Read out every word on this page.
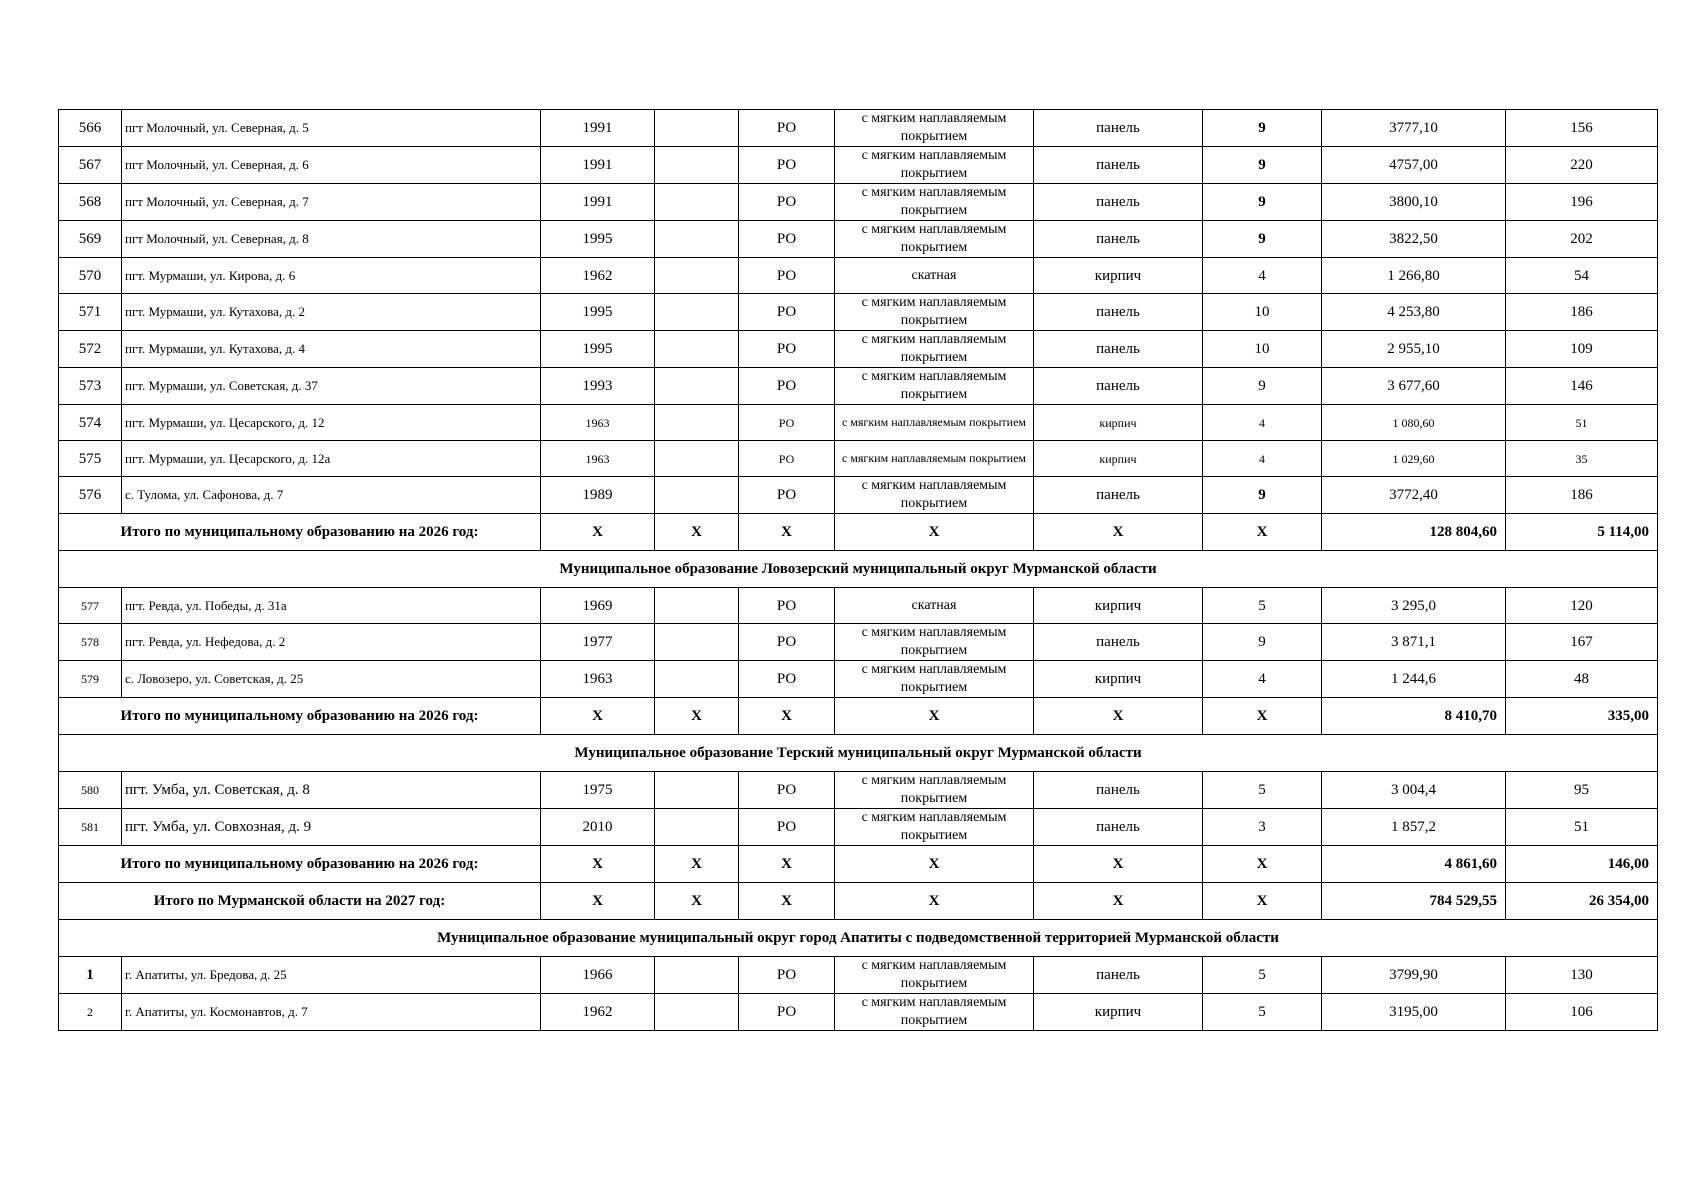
566	пгт Молочный, ул. Северная, д. 5	1991		РО	с мягким наплавляемым покрытием	панель	9	3777,10	156
567	пгт Молочный, ул. Северная, д. 6	1991		РО	с мягким наплавляемым покрытием	панель	9	4757,00	220
568	пгт Молочный, ул. Северная, д. 7	1991		РО	с мягким наплавляемым покрытием	панель	9	3800,10	196
569	пгт Молочный, ул. Северная, д. 8	1995		РО	с мягким наплавляемым покрытием	панель	9	3822,50	202
570	пгт. Мурмаши, ул. Кирова, д. 6	1962		РО	скатная	кирпич	4	1 266,80	54
571	пгт. Мурмаши, ул. Кутахова, д. 2	1995		РО	с мягким наплавляемым покрытием	панель	10	4 253,80	186
572	пгт. Мурмаши, ул. Кутахова, д. 4	1995		РО	с мягким наплавляемым покрытием	панель	10	2 955,10	109
573	пгт. Мурмаши, ул. Советская, д. 37	1993		РО	с мягким наплавляемым покрытием	панель	9	3 677,60	146
574	пгт. Мурмаши, ул. Цесарского, д. 12	1963		РО	с мягким наплавляемым покрытием	кирпич	4	1 080,60	51
575	пгт. Мурмаши, ул. Цесарского, д. 12а	1963		РО	с мягким наплавляемым покрытием	кирпич	4	1 029,60	35
576	с. Тулома, ул. Сафонова, д. 7	1989		РО	с мягким наплавляемым покрытием	панель	9	3772,40	186
Итого по муниципальному образованию на 2026 год:		X	X	X	X	X	X	128 804,60	5 114,00
Муниципальное образование Ловозерский муниципальный округ Мурманской области									
577	пгт. Ревда, ул. Победы, д. 31а	1969		РО	скатная	кирпич	5	3 295,0	120
578	пгт. Ревда, ул. Нефедова, д. 2	1977		РО	с мягким наплавляемым покрытием	панель	9	3 871,1	167
579	с. Ловозеро, ул. Советская, д. 25	1963		РО	с мягким наплавляемым покрытием	кирпич	4	1 244,6	48
Итого по муниципальному образованию на 2026 год:		X	X	X	X	X	X	8 410,70	335,00
Муниципальное образование Терский муниципальный округ Мурманской области									
580	пгт. Умба, ул. Советская, д. 8	1975		РО	с мягким наплавляемым покрытием	панель	5	3 004,4	95
581	пгт. Умба, ул. Совхозная, д. 9	2010		РО	с мягким наплавляемым покрытием	панель	3	1 857,2	51
Итого по муниципальному образованию на 2026 год:		X	X	X	X	X	X	4 861,60	146,00
Итого по Мурманской области на 2027 год:		X	X	X	X	X	X	784 529,55	26 354,00
Муниципальное образование муниципальный округ город Апатиты с подведомственной территорией Мурманской области									
1	г. Апатиты, ул. Бредова, д. 25	1966		РО	с мягким наплавляемым покрытием	панель	5	3799,90	130
2	г. Апатиты, ул. Космонавтов, д. 7	1962		РО	с мягким наплавляемым покрытием	кирпич	5	3195,00	106
